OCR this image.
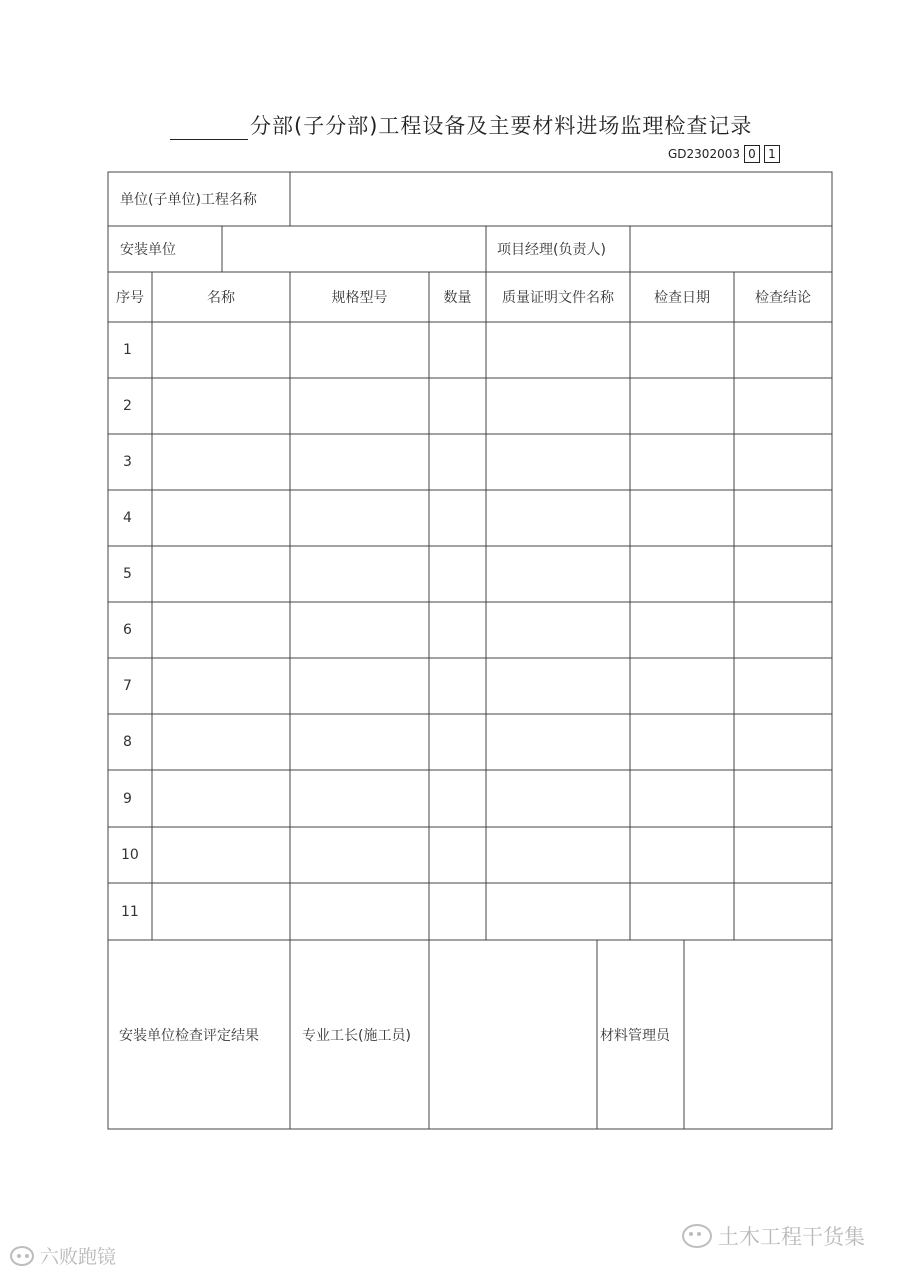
分部(子分部)工程设备及主要材料进场监理检查记录
GD2302003 0	1
单位(子单位)工程名称
安装单位	项目经理(负责人)
序号	名称	规格型号	数量	质量证明文件名称	检查日期	检查结论
1
2
3
4
5
6
7
8
9
10
11
安装单位检查评定结果	专业工长(施工员)	材料管理员
六败跑镜
土木工程干货集
